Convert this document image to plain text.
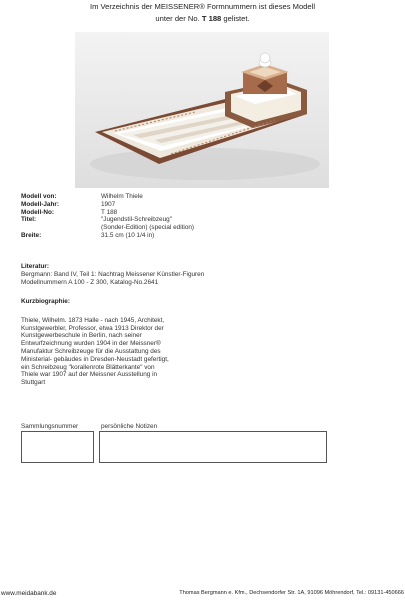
Im Verzeichnis der MEISSENER® Formnummern ist dieses Modell
unter der No. T 188 gelistet.
Modell von:	Wilhelm Thiele
Modell-Jahr:	1907
Modell-No:	T 188
Titel:	"Jugendstil-Schreibzeug"
(Sonder-Edition) (special edition)
Breite:	31.5 cm (10 1/4 in)
Literatur:
Bergmann: Band IV, Teil 1: Nachtrag Meissener Künstler-Figuren
Modellnummern A 100 - Z 300, Katalog-No.2641
Kurzbiographie:
Thiele, Wilhelm. 1873 Halle - nach 1945, Architekt,
Kunstgewerbler, Professor, etwa 1913 Direktor der
Kunstgewerbeschule in Berlin, nach seiner
Entwurfzeichnung wurden 1904 in der Meissner®
Manufaktur Schreibzeuge für die Ausstattung des
Ministerial- gebäudes in Dresden-Neustadt gefertigt,
ein Schreibzeug "korallenrote Blätterkante" von
Thiele war 1907 auf der Meissner Ausstellung in
Stuttgart
Sammlungsnummer	persönliche Notizen
www.meidabank.de	Thomas Bergmann e. Kfm., Dechsendorfer Str. 1A, 91096 Möhrendorf, Tel.: 09131-450666
